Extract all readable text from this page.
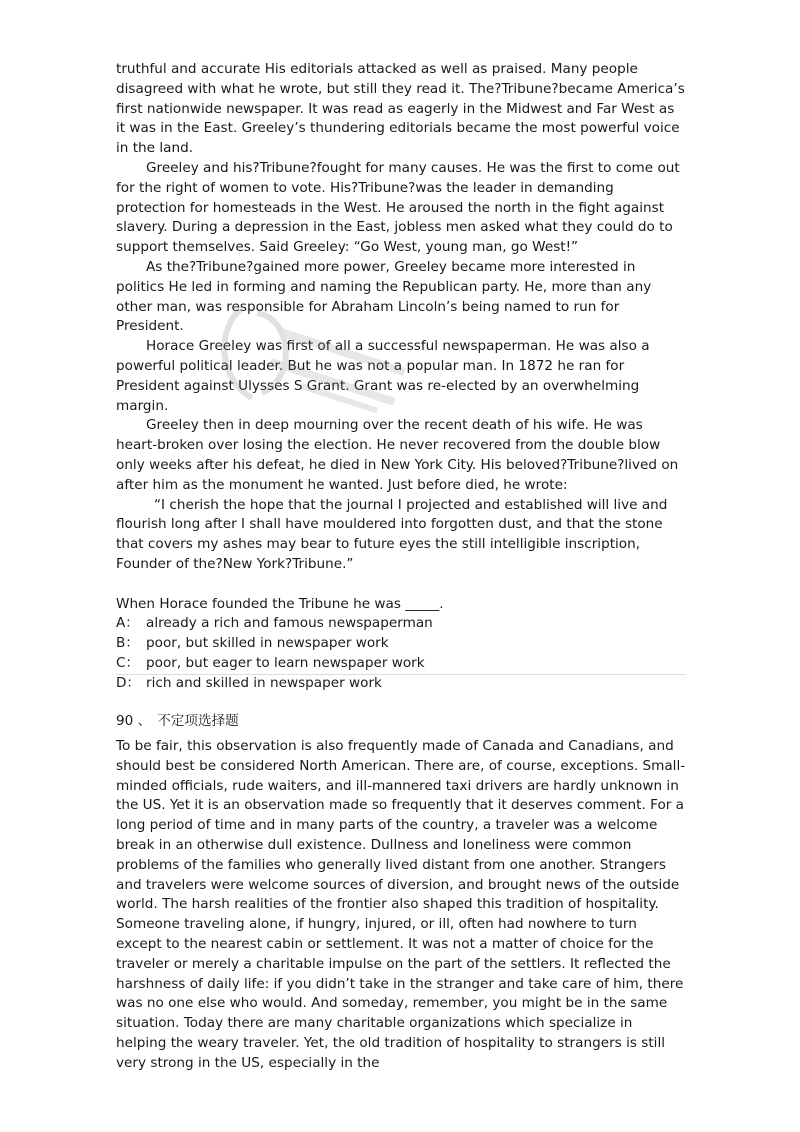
truthful and accurate His editorials attacked as well as praised. Many people disagreed with what he wrote, but still they read it. The?Tribune?became America’s first nationwide newspaper. It was read as eagerly in the Midwest and Far West as it was in the East. Greeley’s thundering editorials became the most powerful voice in the land.

Greeley and his?Tribune?fought for many causes. He was the first to come out for the right of women to vote. His?Tribune?was the leader in demanding protection for homesteads in the West. He aroused the north in the fight against slavery. During a depression in the East, jobless men asked what they could do to support themselves. Said Greeley: “Go West, young man, go West!”

As the?Tribune?gained more power, Greeley became more interested in politics He led in forming and naming the Republican party. He, more than any other man, was responsible for Abraham Lincoln’s being named to run for President.

Horace Greeley was first of all a successful newspaperman. He was also a powerful political leader. But he was not a popular man. In 1872 he ran for President against Ulysses S Grant. Grant was re-elected by an overwhelming margin.

Greeley then in deep mourning over the recent death of his wife. He was heart-broken over losing the election. He never recovered from the double blow only weeks after his defeat, he died in New York City. His beloved?Tribune?lived on after him as the monument he wanted. Just before died, he wrote:

“I cherish the hope that the journal I projected and established will live and flourish long after I shall have mouldered into forgotten dust, and that the stone that covers my ashes may bear to future eyes the still intelligible inscription, Founder of the?New York?Tribune.”

When Horace founded the Tribune he was _____.

A： already a rich and famous newspaperman

B： poor, but skilled in newspaper work

C： poor, but eager to learn newspaper work

D： rich and skilled in newspaper work

90 、 不定项选择题

To be fair, this observation is also frequently made of Canada and Canadians, and should best be considered North American. There are, of course, exceptions. Small-minded officials, rude waiters, and ill-mannered taxi drivers are hardly unknown in the US. Yet it is an observation made so frequently that it deserves comment. For a long period of time and in many parts of the country, a traveler was a welcome break in an otherwise dull existence. Dullness and loneliness were common problems of the families who generally lived distant from one another. Strangers and travelers were welcome sources of diversion, and brought news of the outside world. The harsh realities of the frontier also shaped this tradition of hospitality. Someone traveling alone, if hungry, injured, or ill, often had nowhere to turn except to the nearest cabin or settlement. It was not a matter of choice for the traveler or merely a charitable impulse on the part of the settlers. It reflected the harshness of daily life: if you didn’t take in the stranger and take care of him, there was no one else who would. And someday, remember, you might be in the same situation. Today there are many charitable organizations which specialize in helping the weary traveler. Yet, the old tradition of hospitality to strangers is still very strong in the US, especially in the
